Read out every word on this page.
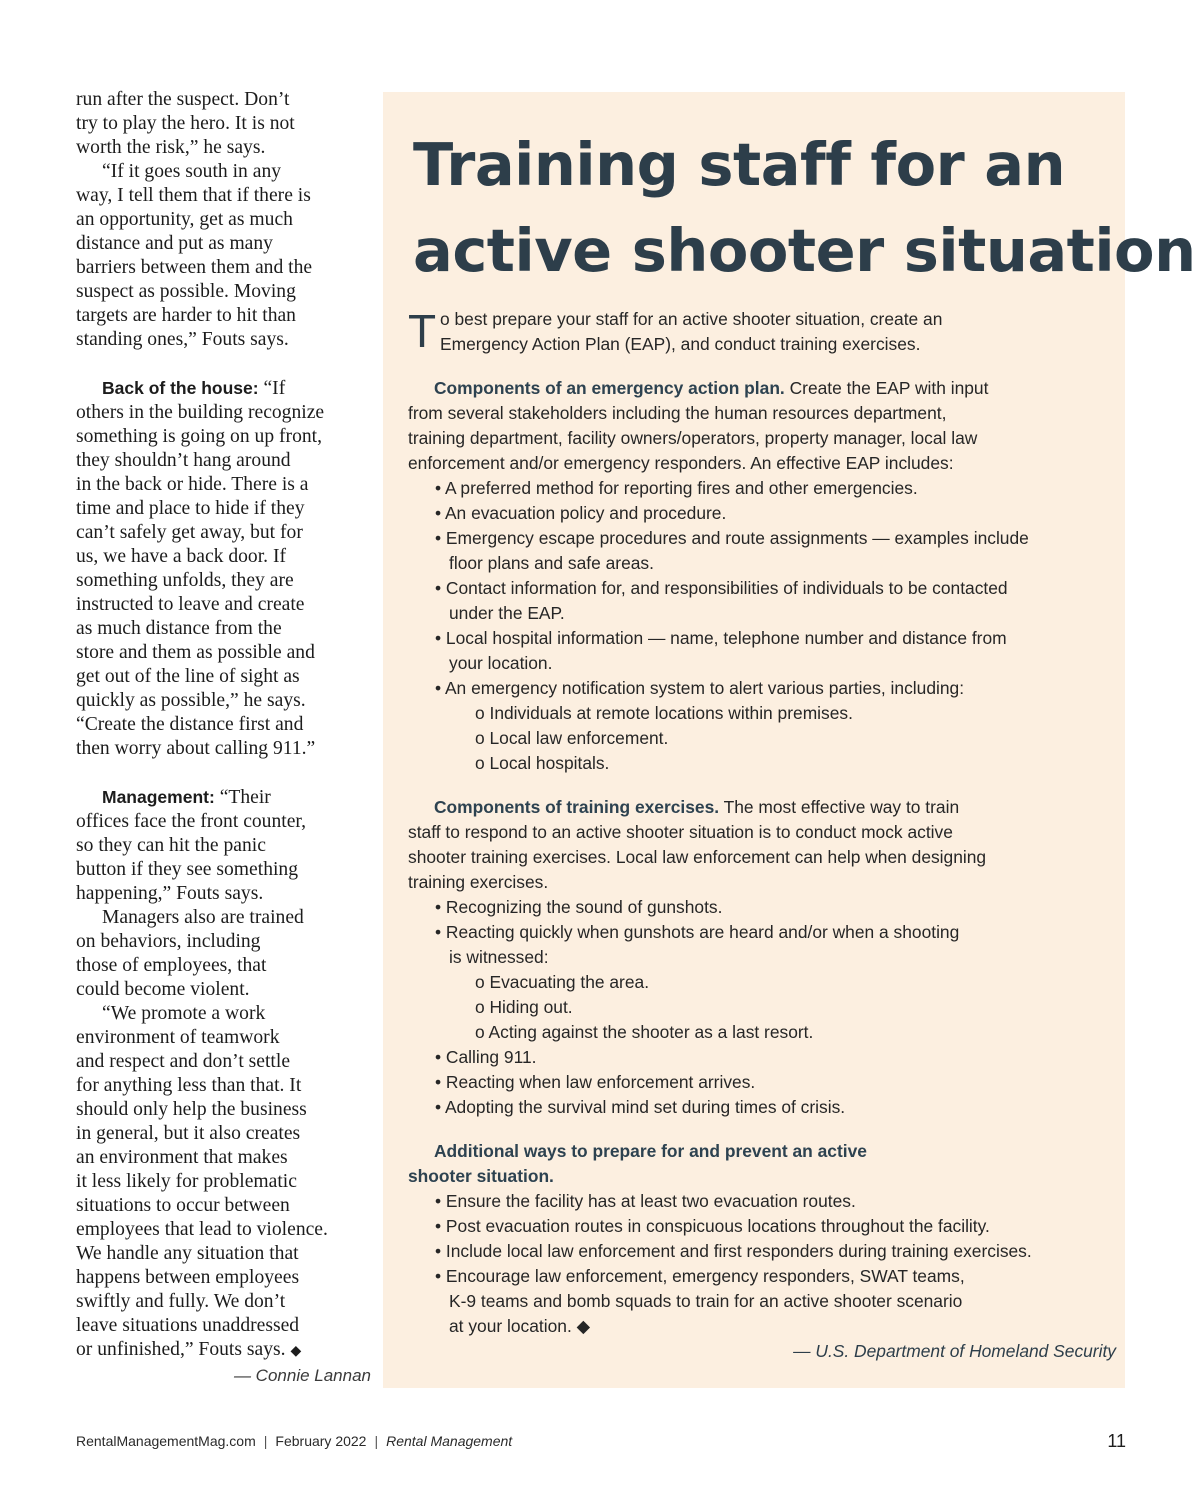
run after the suspect. Don’t
try to play the hero. It is not
worth the risk,” he says.
“If it goes south in any
way, I tell them that if there is
an opportunity, get as much
distance and put as many
barriers between them and the
suspect as possible. Moving
targets are harder to hit than
standing ones,” Fouts says.
Back of the house: “If
others in the building recognize
something is going on up front,
they shouldn’t hang around
in the back or hide. There is a
time and place to hide if they
can’t safely get away, but for
us, we have a back door. If
something unfolds, they are
instructed to leave and create
as much distance from the
store and them as possible and
get out of the line of sight as
quickly as possible,” he says.
“Create the distance first and
then worry about calling 911.”
Management: “Their
offices face the front counter,
so they can hit the panic
button if they see something
happening,” Fouts says.
Managers also are trained
on behaviors, including
those of employees, that
could become violent.
“We promote a work
environment of teamwork
and respect and don’t settle
for anything less than that. It
should only help the business
in general, but it also creates
an environment that makes
it less likely for problematic
situations to occur between
employees that lead to violence.
We handle any situation that
happens between employees
swiftly and fully. We don’t
leave situations unaddressed
or unfinished,” Fouts says. ◆
— Connie Lannan
Training staff for an
active shooter situation
T o best prepare your staff for an active shooter situation, create an
Emergency Action Plan (EAP), and conduct training exercises.
Components of an emergency action plan. Create the EAP with input
from several stakeholders including the human resources department,
training department, facility owners/operators, property manager, local law
enforcement and/or emergency responders. An effective EAP includes:
• A preferred method for reporting fires and other emergencies.
• An evacuation policy and procedure.
• Emergency escape procedures and route assignments — examples include
floor plans and safe areas.
• Contact information for, and responsibilities of individuals to be contacted
under the EAP.
• Local hospital information — name, telephone number and distance from
your location.
• An emergency notification system to alert various parties, including:
o Individuals at remote locations within premises.
o Local law enforcement.
o Local hospitals.
Components of training exercises. The most effective way to train
staff to respond to an active shooter situation is to conduct mock active
shooter training exercises. Local law enforcement can help when designing
training exercises.
• Recognizing the sound of gunshots.
• Reacting quickly when gunshots are heard and/or when a shooting
is witnessed:
o Evacuating the area.
o Hiding out.
o Acting against the shooter as a last resort.
• Calling 911.
• Reacting when law enforcement arrives.
• Adopting the survival mind set during times of crisis.
Additional ways to prepare for and prevent an active
shooter situation.
• Ensure the facility has at least two evacuation routes.
• Post evacuation routes in conspicuous locations throughout the facility.
• Include local law enforcement and first responders during training exercises.
• Encourage law enforcement, emergency responders, SWAT teams,
K-9 teams and bomb squads to train for an active shooter scenario
at your location. ◆
— U.S. Department of Homeland Security
RentalManagementMag.com | February 2022 | Rental Management	11
